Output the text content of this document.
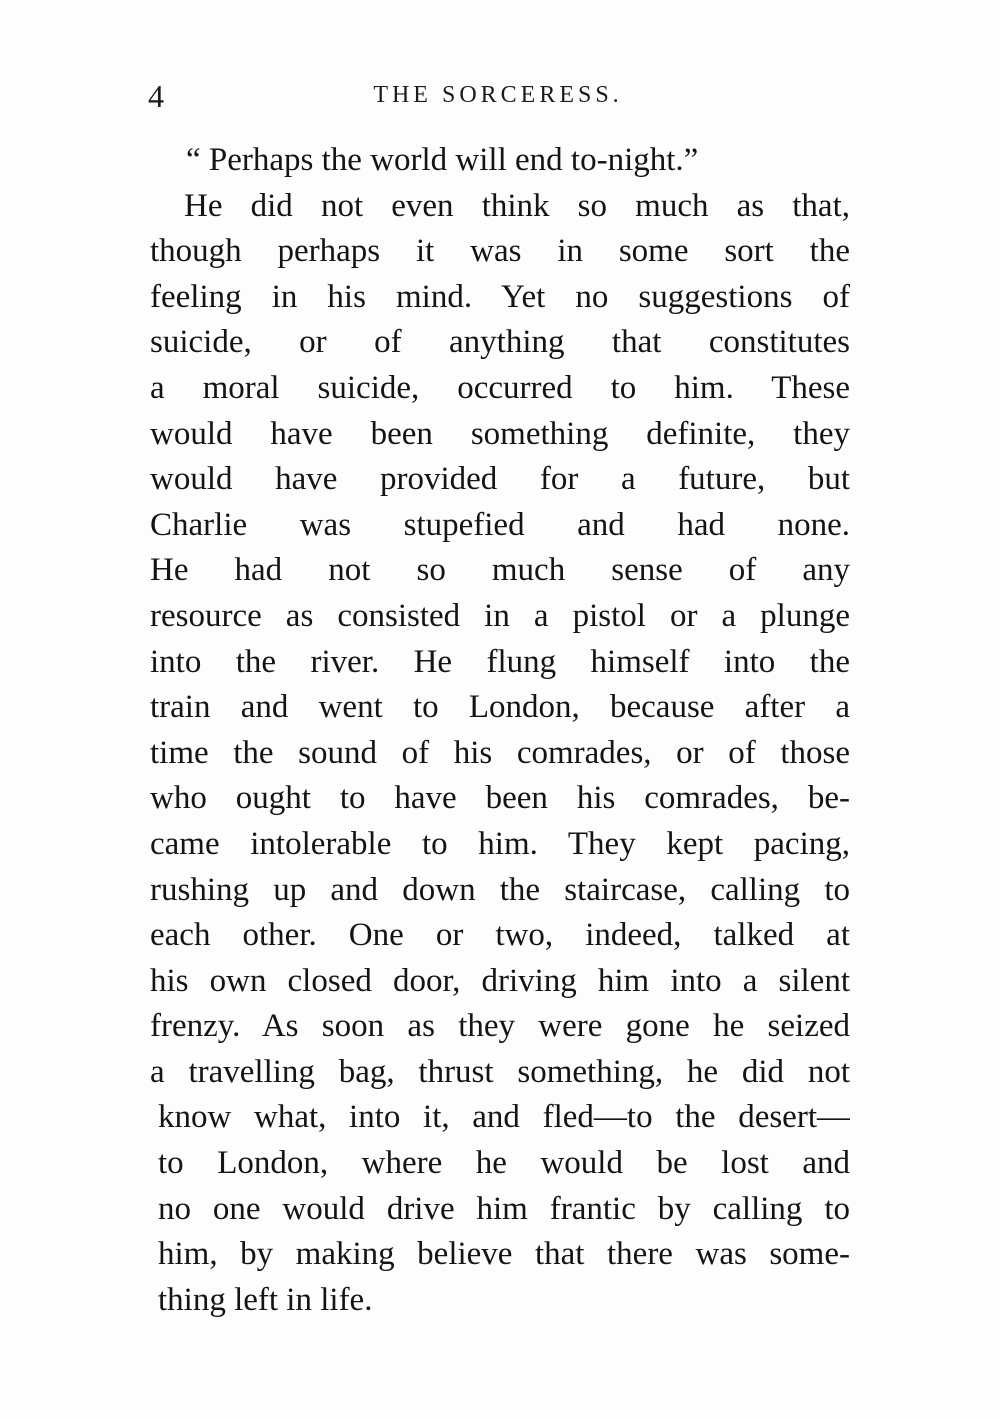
4	THE SORCERESS.
“ Perhaps the world will end to-night.”
He did not even think so much as that,
though perhaps it was in some sort the
feeling in his mind. Yet no suggestions of
suicide, or of anything that constitutes
a moral suicide, occurred to him. These
would have been something definite, they
would have provided for a future, but
Charlie was stupefied and had none.
He had not so much sense of any
resource as consisted in a pistol or a plunge
into the river. He flung himself into the
train and went to London, because after a
time the sound of his comrades, or of those
who ought to have been his comrades, be-
came intolerable to him. They kept pacing,
rushing up and down the staircase, calling to
each other. One or two, indeed, talked at
his own closed door, driving him into a silent
frenzy. As soon as they were gone he seized
a travelling bag, thrust something, he did not
know what, into it, and fled—to the desert—
to London, where he would be lost and
no one would drive him frantic by calling to
him, by making believe that there was some-
thing left in life.
